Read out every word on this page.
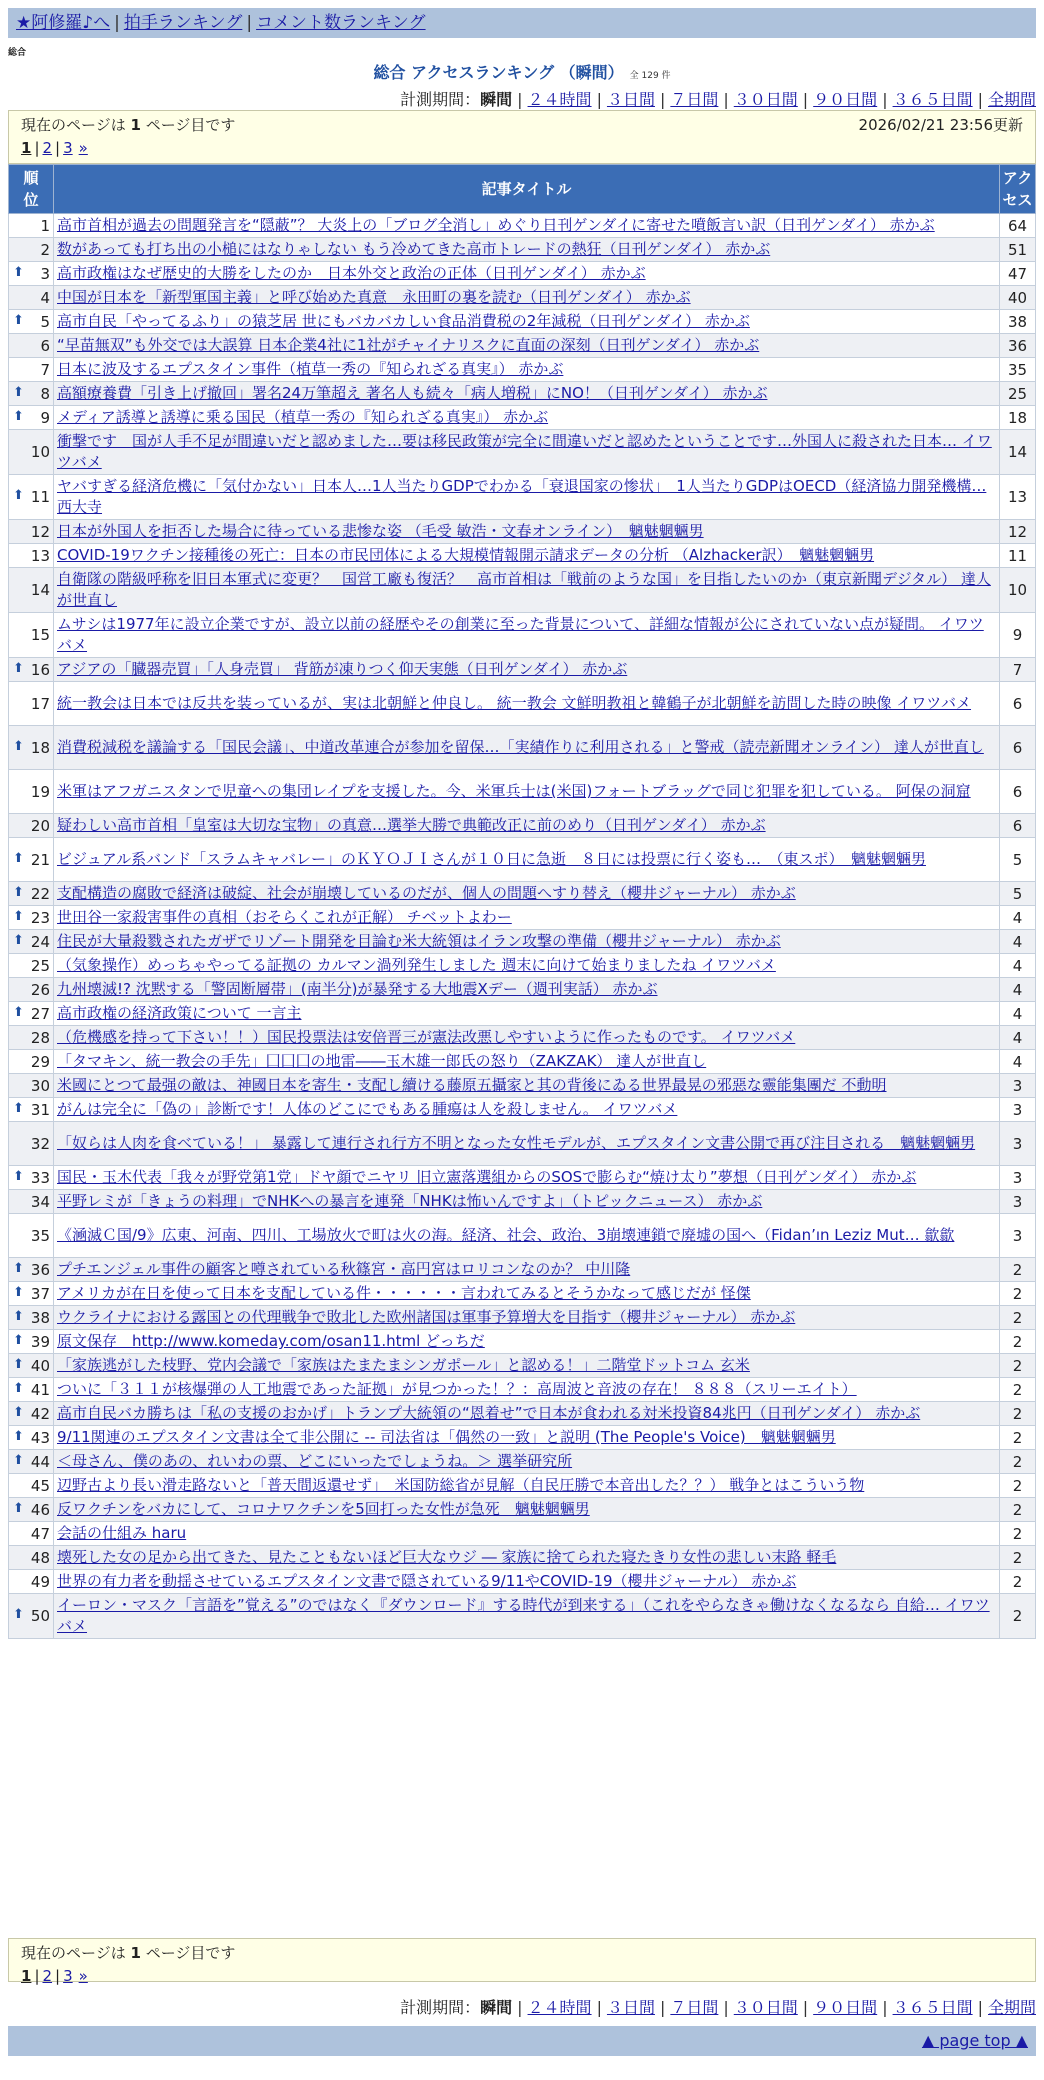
★阿修羅♪へ | 拍手ランキング | コメント数ランキング
総合
総合 アクセスランキング （瞬間） 全 129 件
計測期間：瞬間 | ２４時間 | ３日間 | ７日間 | ３０日間 | ９０日間 | ３６５日間 | 全期間
現在のページは 1 ページ目です	2026/02/21 23:56更新
1 | 2 | 3 »
順位	記事タイトル	アクセス
1	高市首相が過去の問題発言を“隠蔽”？ 大炎上の「ブログ全消し」めぐり日刊ゲンダイに寄せた噴飯言い訳（日刊ゲンダイ） 赤かぶ	64
2	数があっても打ち出の小槌にはなりゃしない もう冷めてきた高市トレードの熱狂（日刊ゲンダイ） 赤かぶ	51

⬆ 3	高市政権はなぜ歴史的大勝をしたのか　日本外交と政治の正体（日刊ゲンダイ） 赤かぶ	47
4	中国が日本を「新型軍国主義」と呼び始めた真意　永田町の裏を読む（日刊ゲンダイ） 赤かぶ	40

⬆ 5	高市自民「やってるふり」の猿芝居 世にもバカバカしい食品消費税の2年減税（日刊ゲンダイ） 赤かぶ	38
6	“早苗無双”も外交では大誤算 日本企業4社に1社がチャイナリスクに直面の深刻（日刊ゲンダイ） 赤かぶ	36
7	日本に波及するエプスタイン事件（植草一秀の『知られざる真実』） 赤かぶ	35

⬆ 8	高額療養費「引き上げ撤回」署名24万筆超え 著名人も続々「病人増税」にNO！（日刊ゲンダイ） 赤かぶ	25

⬆ 9	メディア誘導と誘導に乗る国民（植草一秀の『知られざる真実』） 赤かぶ	18
10	衝撃です　国が人手不足が間違いだと認めました…要は移民政策が完全に間違いだと認めたということです…外国人に殺された日本… イワツバメ	14

⬆ 11	ヤバすぎる経済危機に「気付かない」日本人…1人当たりGDPでわかる「衰退国家の惨状」　1人当たりGDPはOECD（経済協力開発機構… 西大寺	13
12	日本が外国人を拒否した場合に待っている悲惨な姿 （毛受 敏浩・文春オンライン）　魑魅魍魎男	12
13	COVID-19ワクチン接種後の死亡：日本の市民団体による大規模情報開示請求データの分析 （Alzhacker訳）　魑魅魍魎男	11
14	自衛隊の階級呼称を旧日本軍式に変更？　国営工廠も復活？　高市首相は「戦前のような国」を目指したいのか（東京新聞デジタル） 達人が世直し	10
15	ムサシは1977年に設立企業ですが、設立以前の経歴やその創業に至った背景について、詳細な情報が公にされていない点が疑問。 イワツバメ	9

⬆ 16	アジアの「臓器売買」「人身売買」 背筋が凍りつく仰天実態（日刊ゲンダイ） 赤かぶ	7
17	統一教会は日本では反共を装っているが、実は北朝鮮と仲良し。 統一教会 文鮮明教祖と韓鶴子が北朝鮮を訪問した時の映像 イワツバメ	6

⬆ 18	消費税減税を議論する「国民会議」、中道改革連合が参加を留保…「実績作りに利用される」と警戒（読売新聞オンライン） 達人が世直し	6
19	米軍はアフガニスタンで児童への集団レイプを支援した。今、米軍兵士は(米国)フォートブラッグで同じ犯罪を犯している。 阿保の洞窟	6
20	疑わしい高市首相「皇室は大切な宝物」の真意…選挙大勝で典範改正に前のめり（日刊ゲンダイ） 赤かぶ	6

⬆ 21	ビジュアル系バンド「スラムキャバレー」のＫＹＯＪＩさんが１０日に急逝　８日には投票に行く姿も…　（東スポ）　魑魅魍魎男	5

⬆ 22	支配構造の腐敗で経済は破綻、社会が崩壊しているのだが、個人の問題へすり替え（櫻井ジャーナル） 赤かぶ	5

⬆ 23	世田谷一家殺害事件の真相（おそらくこれが正解） チベットよわー	4

⬆ 24	住民が大量殺戮されたガザでリゾート開発を目論む米大統領はイラン攻撃の準備（櫻井ジャーナル） 赤かぶ	4
25	（気象操作）めっちゃやってる証拠の カルマン渦列発生しました 週末に向けて始まりましたね イワツバメ	4
26	九州壊滅!? 沈黙する「警固断層帯」(南半分)が暴発する大地震Xデー（週刊実話） 赤かぶ	4

⬆ 27	高市政権の経済政策について 一言主	4
28	（危機感を持って下さい！！）国民投票法は安倍晋三が憲法改悪しやすいように作ったものです。 イワツバメ	4
29	「タマキン、統一教会の手先」囗囗囗の地雷――玉木雄一郎氏の怒り（ZAKZAK） 達人が世直し	4
30	米國にとつて最强の敵は、神國日本を寄生・支配し續ける藤原五攝家と其の背後にゐる世界最晃の邪惡な靈能集團だ 不動明	3

⬆ 31	がんは完全に「偽の」診断です！人体のどこにでもある腫瘍は人を殺しません。 イワツバメ	3
32	「奴らは人肉を食べている！」 暴露して連行され行方不明となった女性モデルが、エプスタイン文書公開で再び注目される　魑魅魍魎男	3

⬆ 33	国民・玉木代表「我々が野党第1党」ドヤ顔でニヤリ 旧立憲落選組からのSOSで膨らむ“焼け太り”夢想（日刊ゲンダイ） 赤かぶ	3
34	平野レミが「きょうの料理」でNHKへの暴言を連発「NHKは怖いんですよ」（トピックニュース） 赤かぶ	3
35	《㴠滅Ｃ国/9》広東、河南、四川、工場放火で町は火の海。経済、社会、政治、3崩壊連鎖で廃墟の国へ（Fidan’ın Leziz Mut… 歙歙	3

⬆ 36	プチエンジェル事件の顧客と噂されている秋篠宮・高円宮はロリコンなのか？ 中川隆	2

⬆ 37	アメリカが在日を使って日本を支配している件・・・・・・言われてみるとそうかなって感じだが 怪傑	2

⬆ 38	ウクライナにおける露国との代理戦争で敗北した欧州諸国は軍事予算増大を目指す（櫻井ジャーナル） 赤かぶ	2

⬆ 39	原文保存　http://www.komeday.com/osan11.html どっちだ	2

⬆ 40	「家族逃がした枝野、党内会議で「家族はたまたまシンガポール」と認める！」二階堂ドットコム 玄米	2

⬆ 41	ついに「３１１が核爆弾の人工地震であった証拠」が見つかった！？：高周波と音波の存在！ ８８８（スリーエイト）	2

⬆ 42	高市自民バカ勝ちは「私の支援のおかげ」トランプ大統領の“恩着せ”で日本が食われる対米投資84兆円（日刊ゲンダイ） 赤かぶ	2

⬆ 43	9/11関連のエプスタイン文書は全て非公開に -- 司法省は「偶然の一致」と説明 (The People's Voice)　魑魅魍魎男	2

⬆ 44	＜母さん、僕のあの、れいわの票、どこにいったでしょうね。＞ 選挙研究所	2
45	辺野古より長い滑走路ないと「普天間返還せず」　米国防総省が見解（自民圧勝で本音出した？？） 戦争とはこういう物	2

⬆ 46	反ワクチンをバカにして、コロナワクチンを5回打った女性が急死　魑魅魍魎男	2
47	会話の仕組み haru	2
48	壊死した女の足から出てきた、見たこともないほど巨大なウジ ― 家族に捨てられた寝たきり女性の悲しい末路 軽毛	2
49	世界の有力者を動揺させているエプスタイン文書で隠されている9/11やCOVID-19（櫻井ジャーナル） 赤かぶ	2

⬆ 50	イーロン・マスク「言語を”覚える”のではなく『ダウンロード』する時代が到来する」（これをやらなきゃ働けなくなるなら 自給… イワツバメ	2
現在のページは 1 ページ目です
1 | 2 | 3 »
計測期間：瞬間 | ２４時間 | ３日間 | ７日間 | ３０日間 | ９０日間 | ３６５日間 | 全期間
▲ page top ▲
